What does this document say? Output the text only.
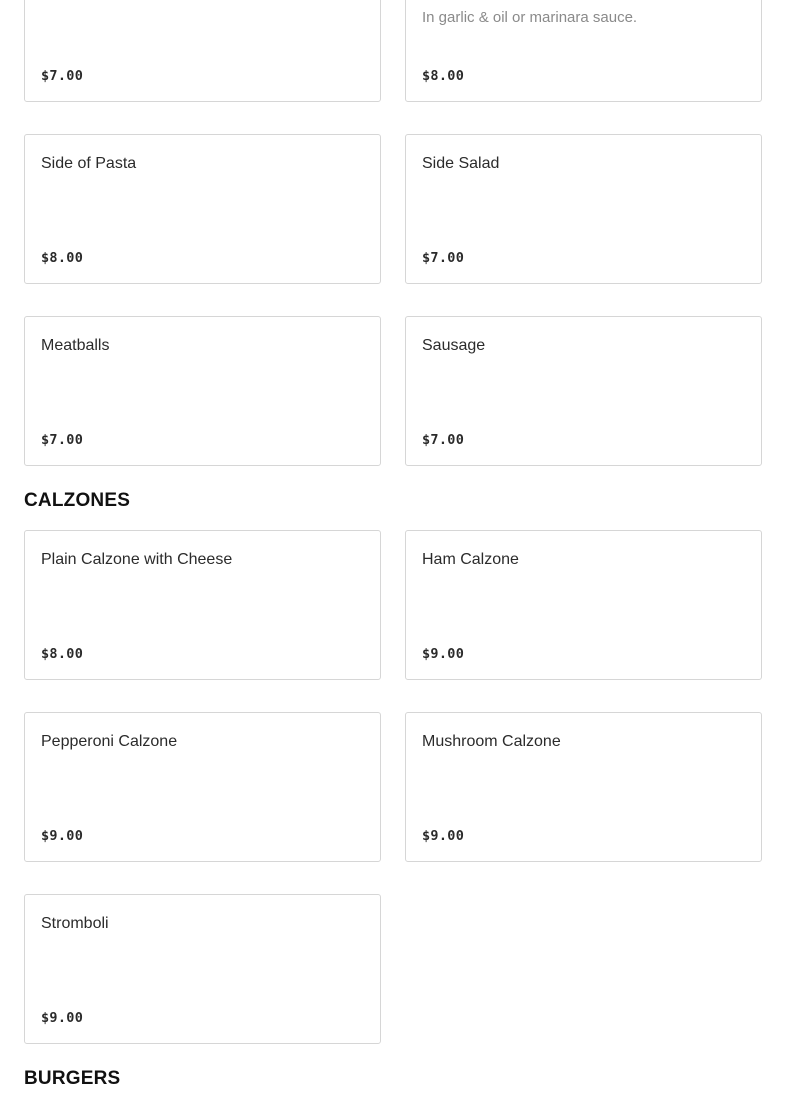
$7.00
In garlic & oil or marinara sauce.
$8.00
Side of Pasta
$8.00
Side Salad
$7.00
Meatballs
$7.00
Sausage
$7.00
CALZONES
Plain Calzone with Cheese
$8.00
Ham Calzone
$9.00
Pepperoni Calzone
$9.00
Mushroom Calzone
$9.00
Stromboli
$9.00
BURGERS
